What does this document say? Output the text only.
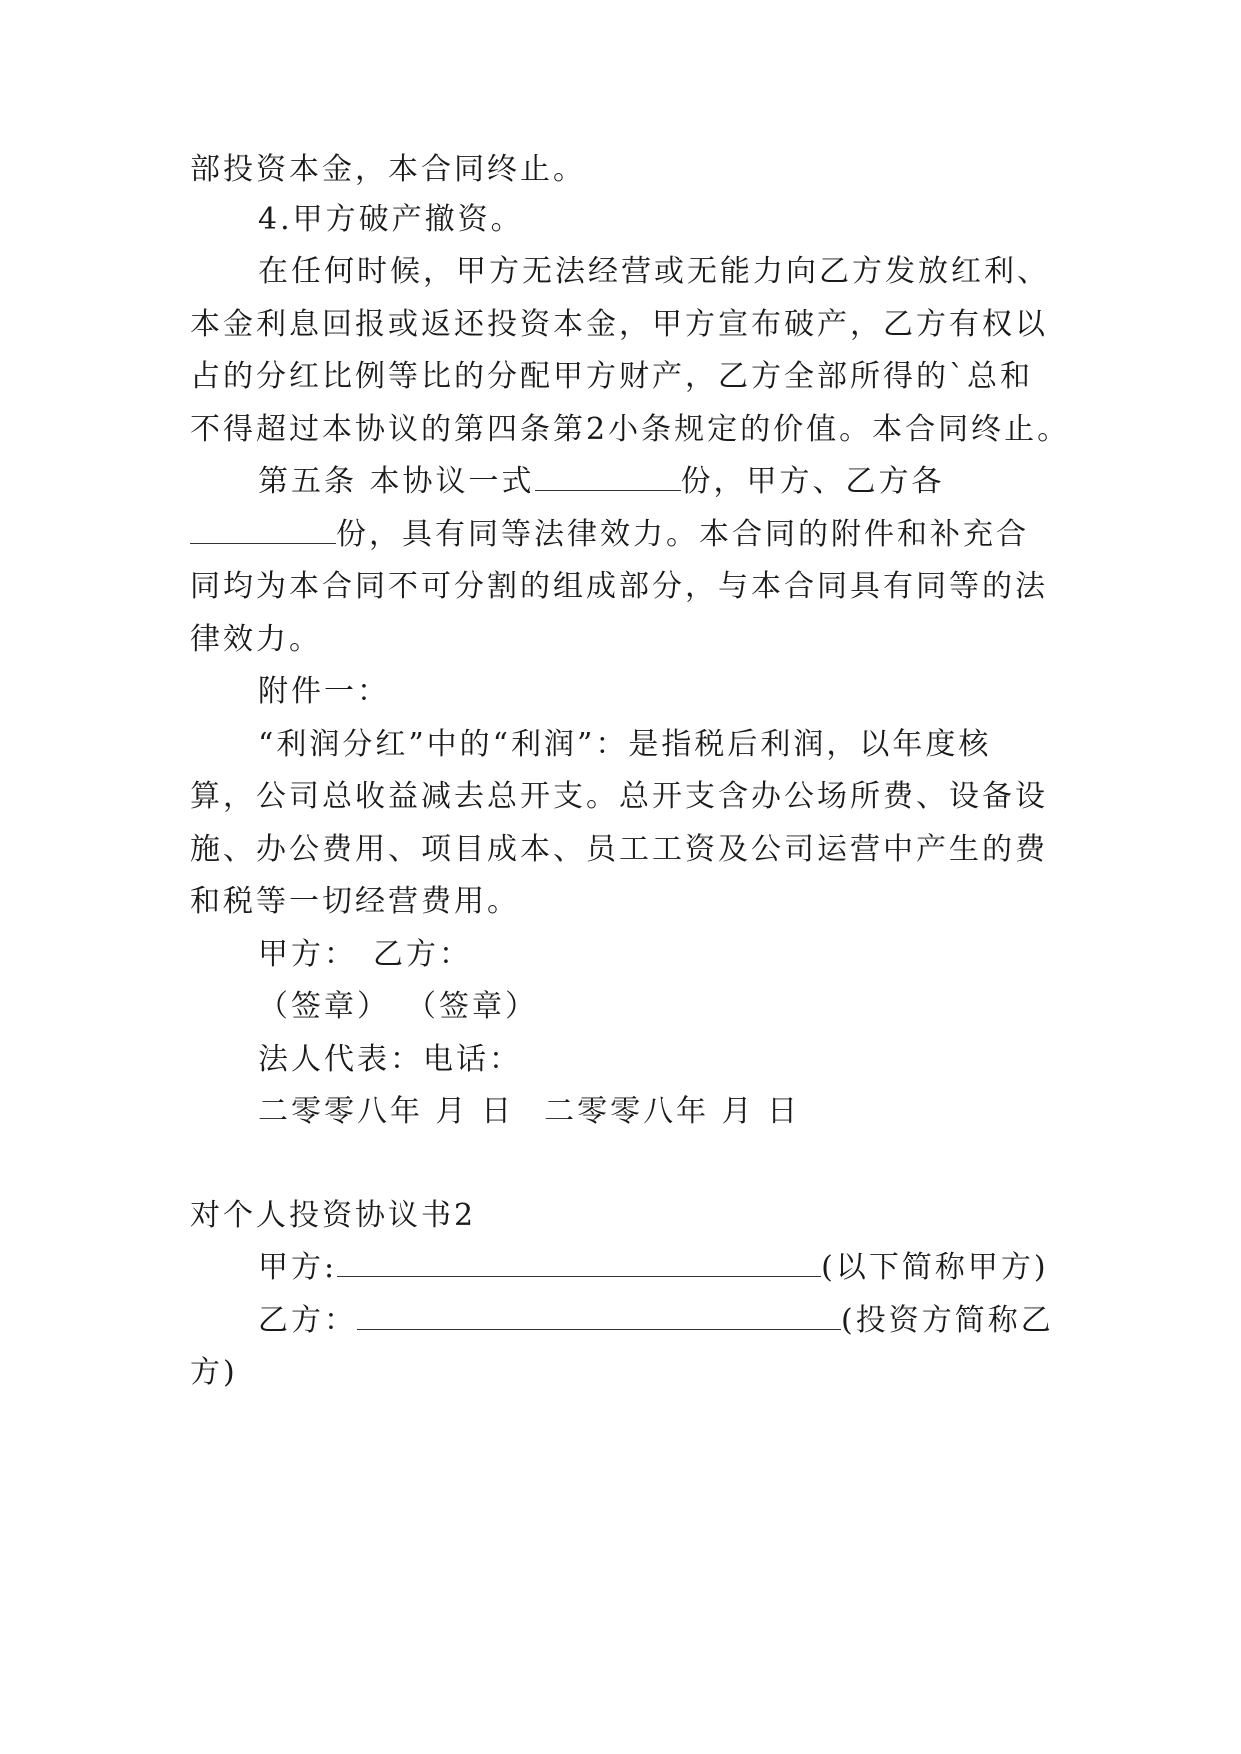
部投资本金，本合同终止。
4.甲方破产撤资。
在任何时候，甲方无法经营或无能力向乙方发放红利、
本金利息回报或返还投资本金，甲方宣布破产，乙方有权以
占的分红比例等比的分配甲方财产，乙方全部所得的`总和
不得超过本协议的第四条第2小条规定的价值。本合同终止。
第五条 本协议一式	份，甲方、乙方各
份，具有同等法律效力。本合同的附件和补充合
同均为本合同不可分割的组成部分，与本合同具有同等的法
律效力。
附件一：
“利润分红”中的“利润”：是指税后利润，以年度核
算，公司总收益减去总开支。总开支含办公场所费、设备设
施、办公费用、项目成本、员工工资及公司运营中产生的费
和税等一切经营费用。
甲方： 乙方：
（签章） （签章）
法人代表：电话：
二零零八年 月 日 二零零八年 月 日
对个人投资协议书2
甲方:	(以下简称甲方)
乙方：	(投资方简称乙
方)
